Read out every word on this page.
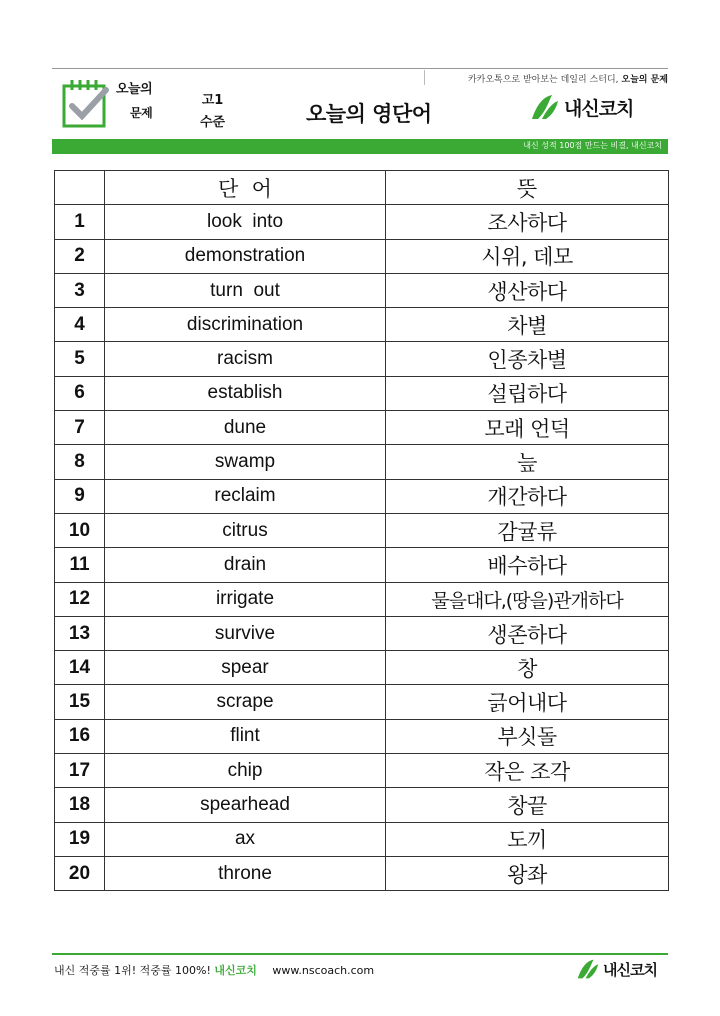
카카오톡으로 받아보는 데일리 스터디, 오늘의 문제
오늘의
문제
고1
수준	오늘의 영단어	내신코치
내신 성적 100점 만드는 비결, 내신코치
	단  어	뜻
1	look  into	조사하다
2	demonstration	시위, 데모
3	turn  out	생산하다
4	discrimination	차별
5	racism	인종차별
6	establish	설립하다
7	dune	모래 언덕
8	swamp	늪
9	reclaim	개간하다
10	citrus	감귤류
11	drain	배수하다
12	irrigate	물을대다,(땅을)관개하다
13	survive	생존하다
14	spear	창
15	scrape	긁어내다
16	flint	부싯돌
17	chip	작은 조각
18	spearhead	창끝
19	ax	도끼
20	throne	왕좌
내신 적중률 1위! 적중률 100%! 내신코치 www.nscoach.com	내신코치
